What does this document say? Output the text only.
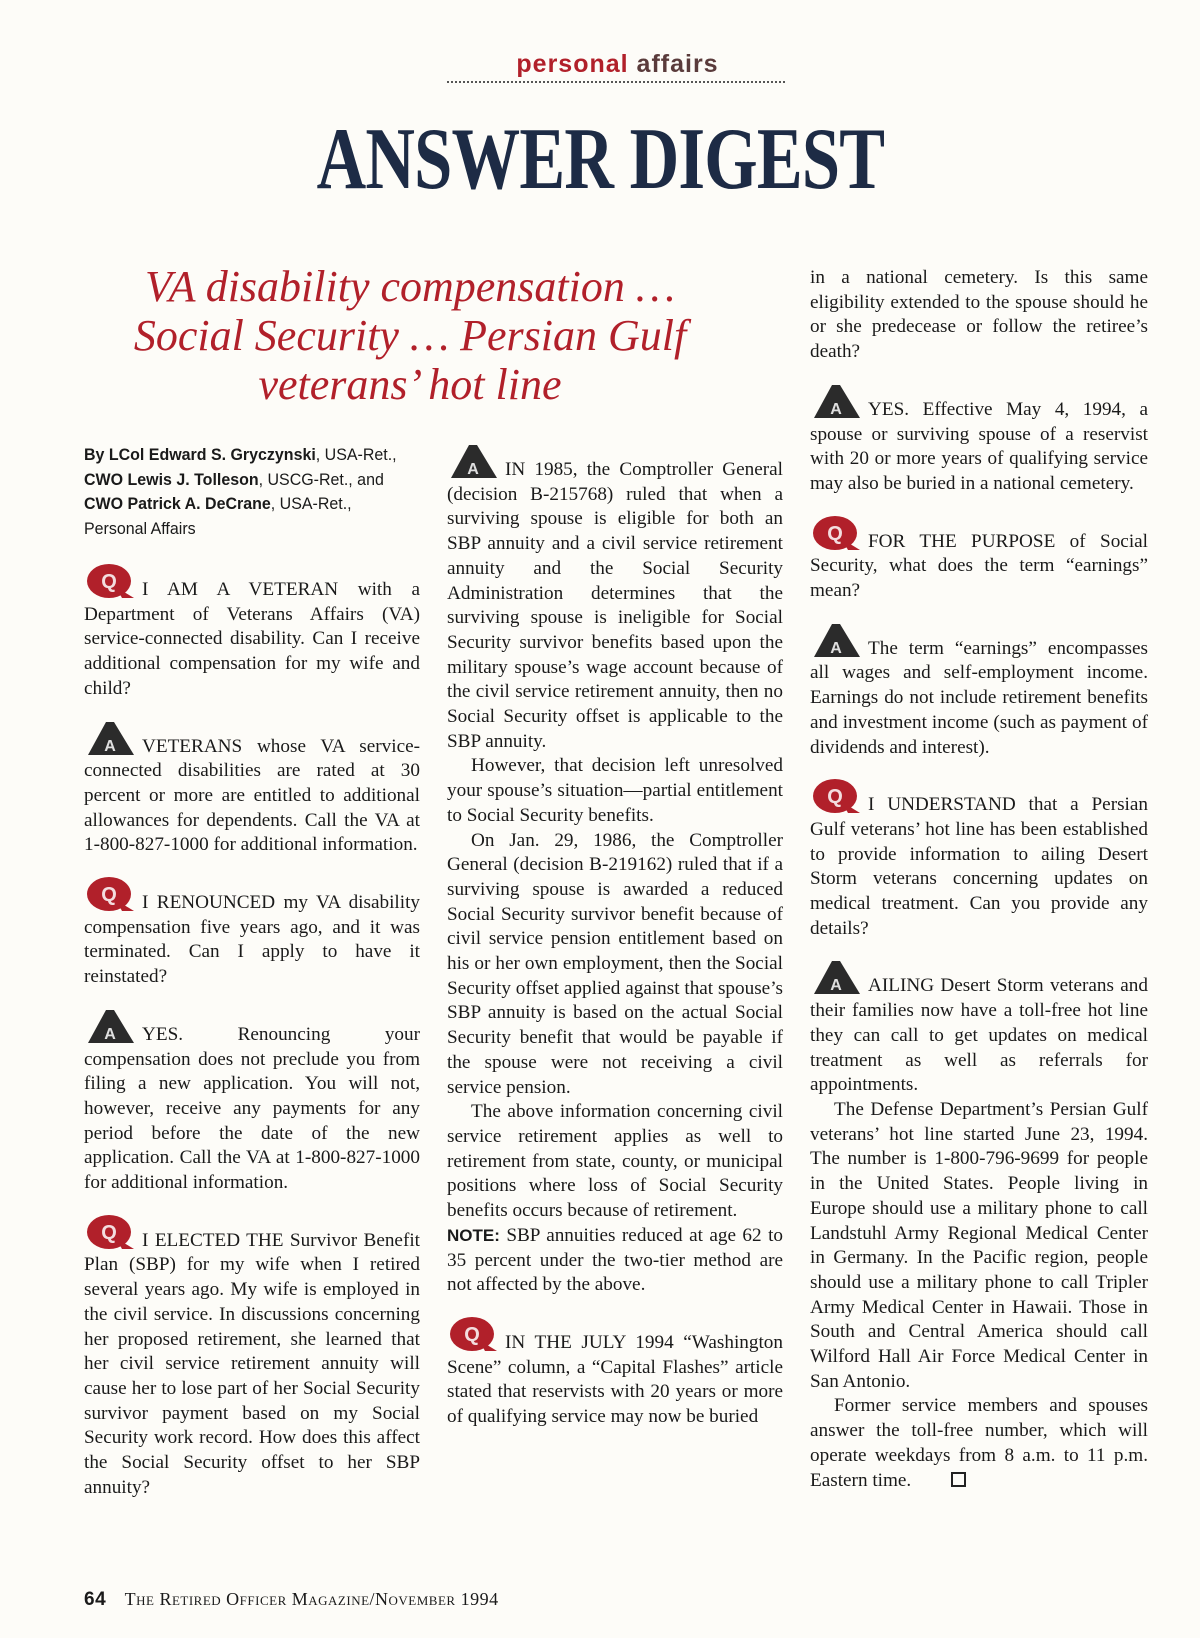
personal affairs
ANSWER DIGEST
VA disability compensation …
Social Security … Persian Gulf
veterans’ hot line
By LCol Edward S. Gryczynski, USA-Ret.,
CWO Lewis J. Tolleson, USCG-Ret., and
CWO Patrick A. DeCrane, USA-Ret.,
Personal Affairs

Q I AM A VETERAN with a Department of Veterans Affairs (VA) service-connected disability. Can I receive additional compensation for my wife and child?

A VETERANS whose VA service-connected disabilities are rated at 30 percent or more are entitled to additional allowances for dependents. Call the VA at 1-800-827-1000 for additional information.

Q I RENOUNCED my VA disability compensation five years ago, and it was terminated. Can I apply to have it reinstated?

A YES. Renouncing your compensation does not preclude you from filing a new application. You will not, however, receive any payments for any period before the date of the new application. Call the VA at 1-800-827-1000 for additional information.

Q I ELECTED THE Survivor Benefit Plan (SBP) for my wife when I retired several years ago. My wife is employed in the civil service. In discussions concerning her proposed retirement, she learned that her civil service retirement annuity will cause her to lose part of her Social Security survivor payment based on my Social Security work record. How does this affect the Social Security offset to her SBP annuity?

A IN 1985, the Comptroller General (decision B-215768) ruled that when a surviving spouse is eligible for both an SBP annuity and a civil service retirement annuity and the Social Security Administration determines that the surviving spouse is ineligible for Social Security survivor benefits based upon the military spouse’s wage account because of the civil service retirement annuity, then no Social Security offset is applicable to the SBP annuity.

However, that decision left unresolved your spouse’s situation—partial entitlement to Social Security benefits.

On Jan. 29, 1986, the Comptroller General (decision B-219162) ruled that if a surviving spouse is awarded a reduced Social Security survivor benefit because of civil service pension entitlement based on his or her own employment, then the Social Security offset applied against that spouse’s SBP annuity is based on the actual Social Security benefit that would be payable if the spouse were not receiving a civil service pension.

The above information concerning civil service retirement applies as well to retirement from state, county, or municipal positions where loss of Social Security benefits occurs because of retirement.

NOTE: SBP annuities reduced at age 62 to 35 percent under the two-tier method are not affected by the above.

Q IN THE JULY 1994 “Washington Scene” column, a “Capital Flashes” article stated that reservists with 20 years or more of qualifying service may now be buried

in a national cemetery. Is this same eligibility extended to the spouse should he or she predecease or follow the retiree’s death?

A YES. Effective May 4, 1994, a spouse or surviving spouse of a reservist with 20 or more years of qualifying service may also be buried in a national cemetery.

Q FOR THE PURPOSE of Social Security, what does the term “earnings” mean?

A The term “earnings” encompasses all wages and self-employment income. Earnings do not include retirement benefits and investment income (such as payment of dividends and interest).

Q I UNDERSTAND that a Persian Gulf veterans’ hot line has been established to provide information to ailing Desert Storm veterans concerning updates on medical treatment. Can you provide any details?

A AILING Desert Storm veterans and their families now have a toll-free hot line they can call to get updates on medical treatment as well as referrals for appointments.

The Defense Department’s Persian Gulf veterans’ hot line started June 23, 1994. The number is 1-800-796-9699 for people in the United States. People living in Europe should use a military phone to call Landstuhl Army Regional Medical Center in Germany. In the Pacific region, people should use a military phone to call Tripler Army Medical Center in Hawaii. Those in South and Central America should call Wilford Hall Air Force Medical Center in San Antonio.

Former service members and spouses answer the toll-free number, which will operate weekdays from 8 a.m. to 11 p.m. Eastern time.

64 The Retired Officer Magazine/November 1994
